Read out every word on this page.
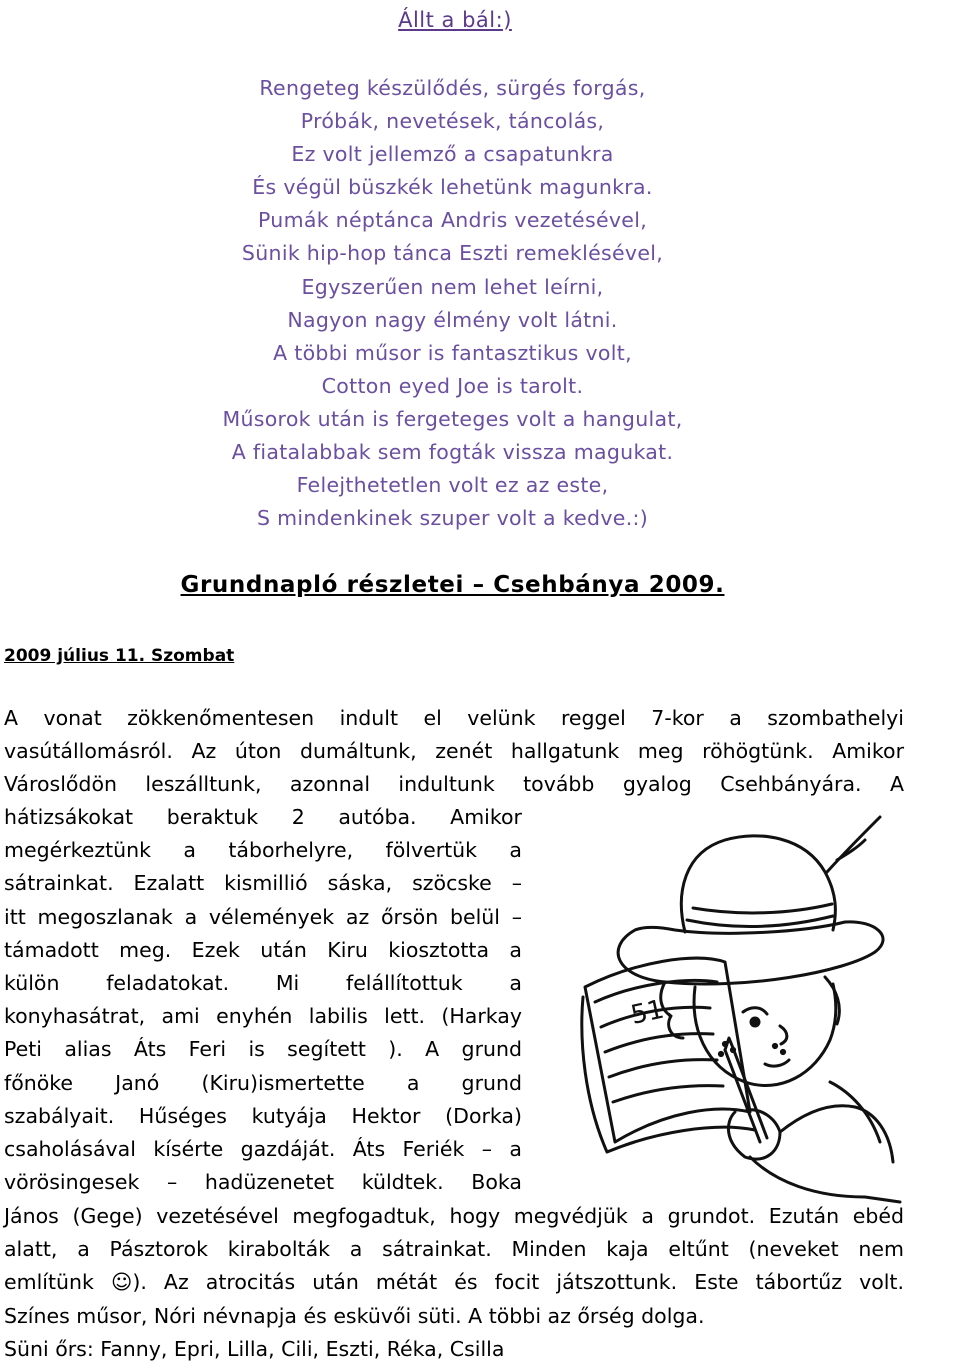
Állt a bál:)
Rengeteg készülődés, sürgés forgás,
Próbák, nevetések, táncolás,
Ez volt jellemző a csapatunkra
És végül büszkék lehetünk magunkra.
Pumák néptánca Andris vezetésével,
Sünik hip-hop tánca Eszti remeklésével,
Egyszerűen nem lehet leírni,
Nagyon nagy élmény volt látni.
A többi műsor is fantasztikus volt,
Cotton eyed Joe is tarolt.
Műsorok után is fergeteges volt a hangulat,
A fiatalabbak sem fogták vissza magukat.
Felejthetetlen volt ez az este,
S mindenkinek szuper volt a kedve.:)
Grundnapló részletei – Csehbánya 2009.
2009 július 11. Szombat
A vonat zökkenőmentesen indult el velünk reggel 7-kor a szombathelyi
vasútállomásról. Az úton dumáltunk, zenét hallgatunk meg röhögtünk. Amikor
Városlődön leszálltunk, azonnal indultunk tovább gyalog Csehbányára. A
hátizsákokat beraktuk 2 autóba. Amikor
megérkeztünk a táborhelyre, fölvertük a
sátrainkat. Ezalatt kismillió sáska, szöcske –
itt megoszlanak a vélemények az őrsön belül –
támadott meg. Ezek után Kiru kiosztotta a
külön feladatokat. Mi felállítottuk a
konyhasátrat, ami enyhén labilis lett. (Harkay
Peti alias Áts Feri is segített ). A grund
főnöke Janó (Kiru)ismertette a grund
szabályait. Hűséges kutyája Hektor (Dorka)
csaholásával kísérte gazdáját. Áts Feriék – a
vörösingesek – hadüzenetet küldtek. Boka
János (Gege) vezetésével megfogadtuk, hogy megvédjük a grundot. Ezután ebéd
alatt, a Pásztorok kirabolták a sátrainkat. Minden kaja eltűnt (neveket nem
említünk ☺). Az atrocitás után métát és focit játszottunk. Este tábortűz volt.
Színes műsor, Nóri névnapja és esküvői süti. A többi az őrség dolga.
Süni őrs: Fanny, Epri, Lilla, Cili, Eszti, Réka, Csilla
51.
